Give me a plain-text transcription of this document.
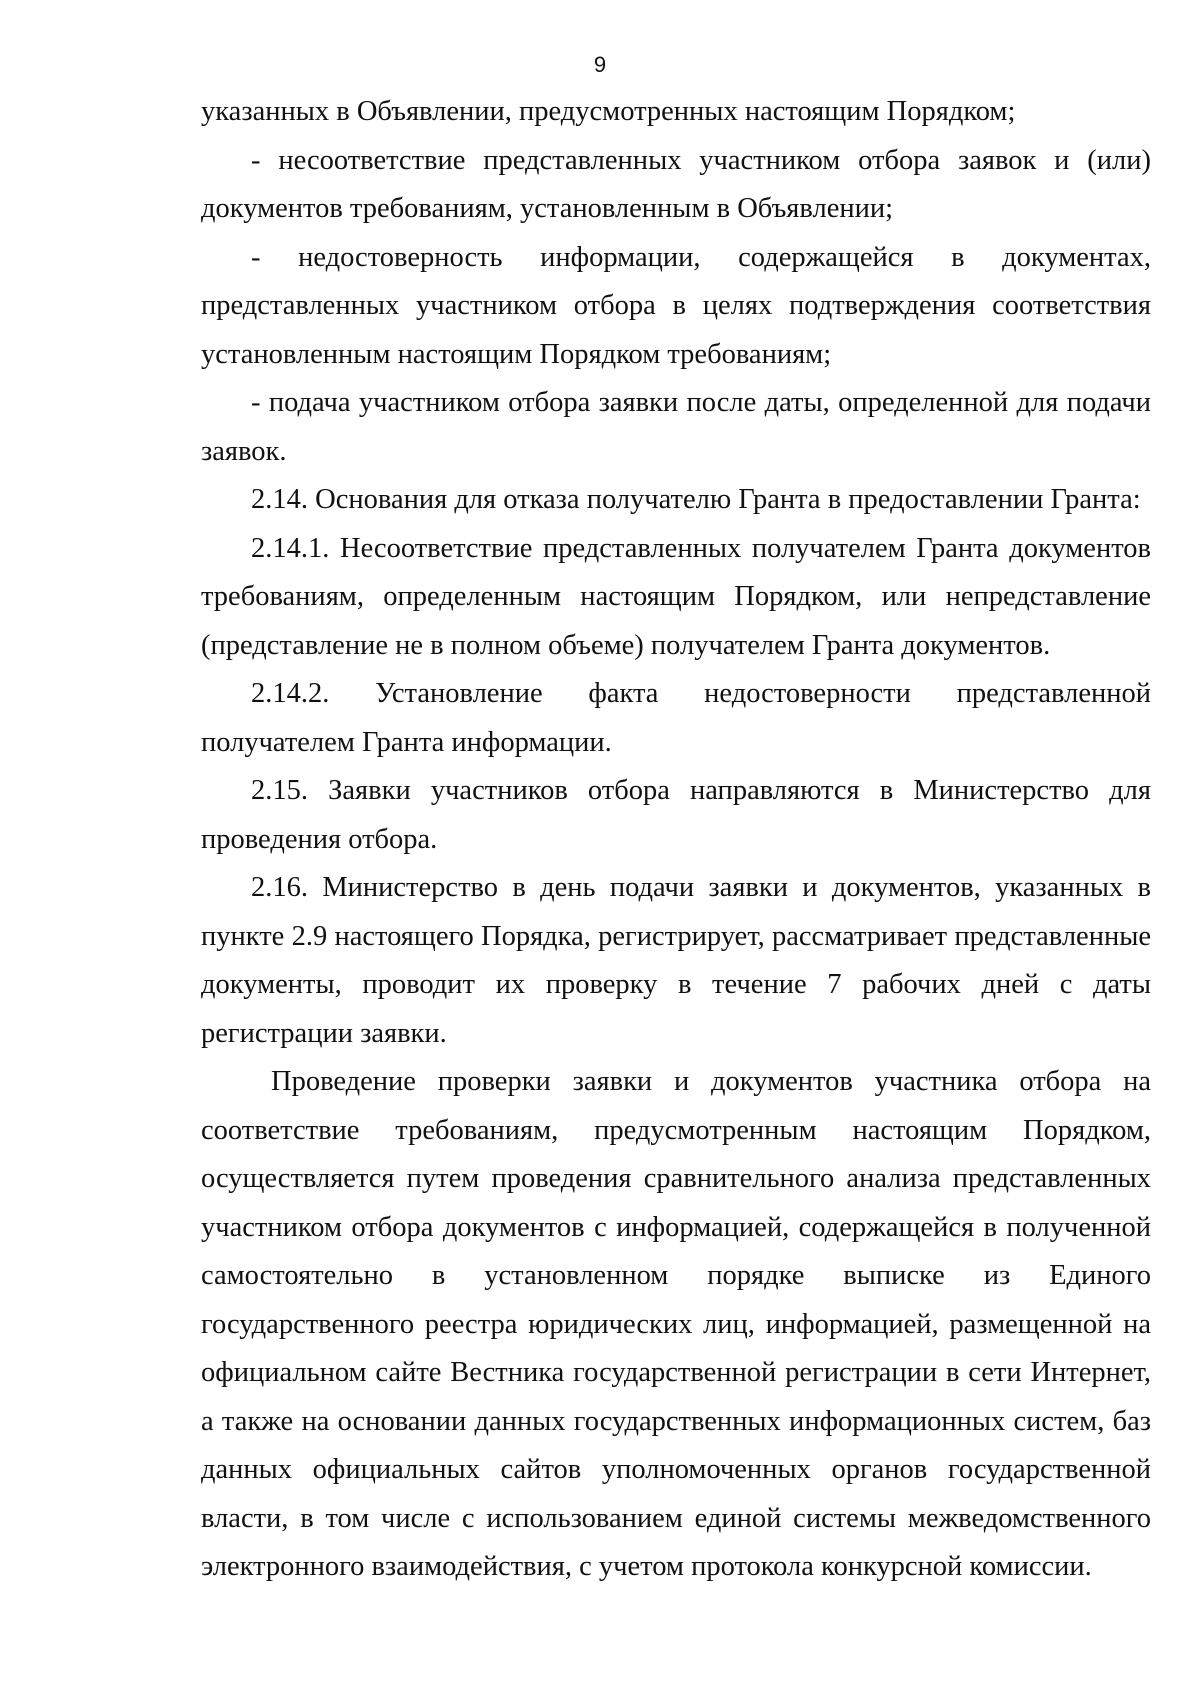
9

указанных в Объявлении, предусмотренных настоящим Порядком;

- несоответствие представленных участником отбора заявок и (или) документов требованиям, установленным в Объявлении;

- недостоверность информации, содержащейся в документах, представленных участником отбора в целях подтверждения соответствия установленным настоящим Порядком требованиям;

- подача участником отбора заявки после даты, определенной для подачи заявок.

2.14. Основания для отказа получателю Гранта в предоставлении Гранта:

2.14.1. Несоответствие представленных получателем Гранта документов требованиям, определенным настоящим Порядком, или непредставление (представление не в полном объеме) получателем Гранта документов.

2.14.2. Установление факта недостоверности представленной получателем Гранта информации.

2.15. Заявки участников отбора направляются в Министерство для проведения отбора.

2.16. Министерство в день подачи заявки и документов, указанных в пункте 2.9 настоящего Порядка, регистрирует, рассматривает представленные документы, проводит их проверку в течение 7 рабочих дней с даты регистрации заявки.

Проведение проверки заявки и документов участника отбора на соответствие требованиям, предусмотренным настоящим Порядком, осуществляется путем проведения сравнительного анализа представленных участником отбора документов с информацией, содержащейся в полученной самостоятельно в установленном порядке выписке из Единого государственного реестра юридических лиц, информацией, размещенной на официальном сайте Вестника государственной регистрации в сети Интернет, а также на основании данных государственных информационных систем, баз данных официальных сайтов уполномоченных органов государственной власти, в том числе с использованием единой системы межведомственного электронного взаимодействия, с учетом протокола конкурсной комиссии.
